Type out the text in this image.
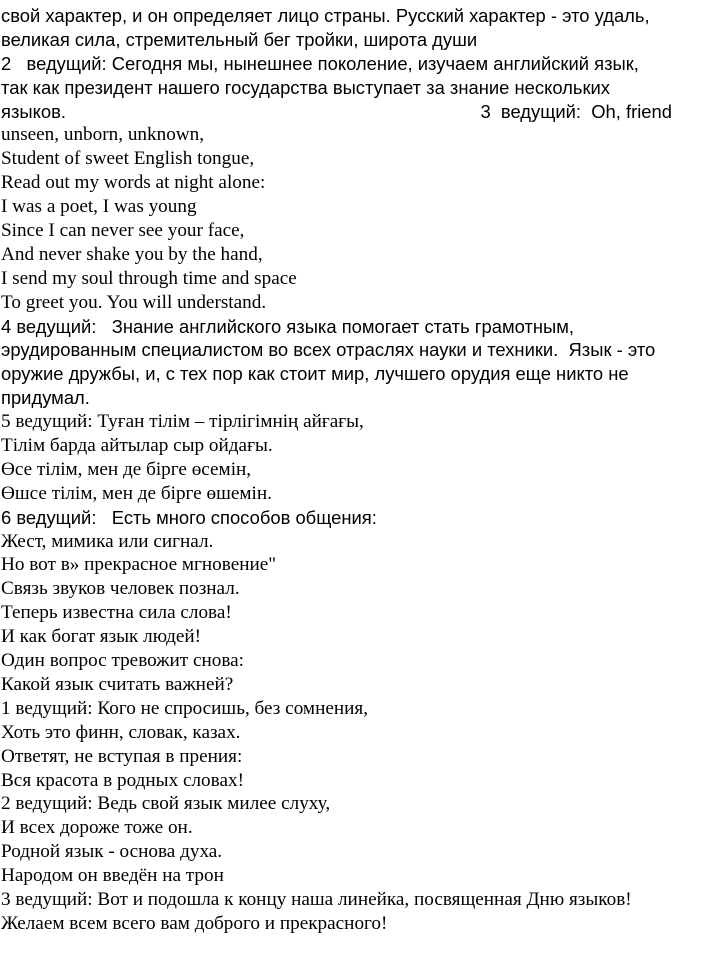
свой характер, и он определяет лицо страны. Русский характер - это удаль,
великая сила, стремительный бег тройки, широта души
2   ведущий: Сегодня мы, нынешнее поколение, изучаем английский язык,
так как президент нашего государства выступает за знание нескольких
языков.	3  ведущий:  Oh, friend
unseen, unborn, unknown,
Student of sweet English tongue,
Read out my words at night alone:
I was a poet, I was young
Since I can never see your face,
And never shake you by the hand,
I send my soul through time and space
To greet you. You will understand.
4 ведущий:   Знание английского языка помогает стать грамотным,
эрудированным специалистом во всех отраслях науки и техники.  Язык - это
оружие дружбы, и, с тех пор как стоит мир, лучшего орудия еще никто не
придумал.
5 ведущий: Туған тілім – тірлігімнің айғағы,
Тілім барда айтылар сыр ойдағы.
Өсе тілім, мен де бірге өсемін,
Өшсе тілім, мен де бірге өшемін.
6 ведущий:   Есть много способов общения:
Жест, мимика или сигнал.
Но вот в» прекрасное мгновение"
Связь звуков человек познал.
Теперь известна сила слова!
И как богат язык людей!
Один вопрос тревожит снова:
Какой язык считать важней?
1 ведущий: Кого не спросишь, без сомнения,
Хоть это финн, словак, казах.
Ответят, не вступая в прения:
Вся красота в родных словах!
2 ведущий: Ведь свой язык милее слуху,
И всех дороже тоже он.
Родной язык - основа духа.
Народом он введён на трон
3 ведущий: Вот и подошла к концу наша линейка, посвященная Дню языков!
Желаем всем всего вам доброго и прекрасного!
